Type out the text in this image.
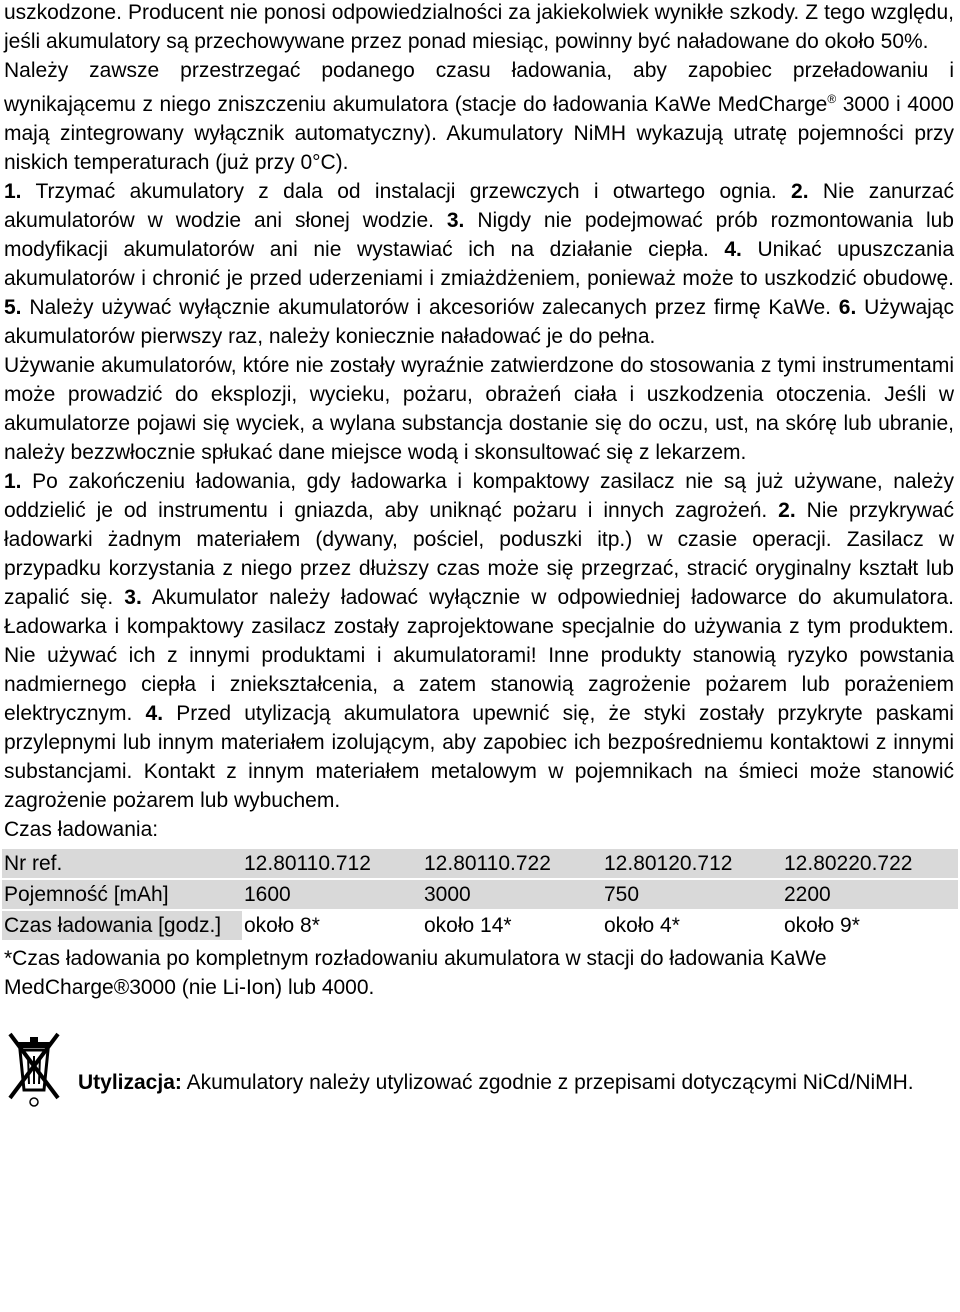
uszkodzone. Producent nie ponosi odpowiedzialności za jakiekolwiek wynikłe szkody. Z tego względu, jeśli akumulatory są przechowywane przez ponad miesiąc, powinny być naładowane do około 50%.

Należy zawsze przestrzegać podanego czasu ładowania, aby zapobiec przeładowaniu i wynikającemu z niego zniszczeniu akumulatora (stacje do ładowania KaWe MedCharge® 3000 i 4000 mają zintegrowany wyłącznik automatyczny). Akumulatory NiMH wykazują utratę pojemności przy niskich temperaturach (już przy 0°C).

1. Trzymać akumulatory z dala od instalacji grzewczych i otwartego ognia. 2. Nie zanurzać akumulatorów w wodzie ani słonej wodzie. 3. Nigdy nie podejmować prób rozmontowania lub modyfikacji akumulatorów ani nie wystawiać ich na działanie ciepła. 4. Unikać upuszczania akumulatorów i chronić je przed uderzeniami i zmiażdżeniem, ponieważ może to uszkodzić obudowę. 5. Należy używać wyłącznie akumulatorów i akcesoriów zalecanych przez firmę KaWe. 6. Używając akumulatorów pierwszy raz, należy koniecznie naładować je do pełna.

Używanie akumulatorów, które nie zostały wyraźnie zatwierdzone do stosowania z tymi instrumentami może prowadzić do eksplozji, wycieku, pożaru, obrażeń ciała i uszkodzenia otoczenia. Jeśli w akumulatorze pojawi się wyciek, a wylana substancja dostanie się do oczu, ust, na skórę lub ubranie, należy bezzwłocznie spłukać dane miejsce wodą i skonsultować się z lekarzem.

1. Po zakończeniu ładowania, gdy ładowarka i kompaktowy zasilacz nie są już używane, należy oddzielić je od instrumentu i gniazda, aby uniknąć pożaru i innych zagrożeń. 2. Nie przykrywać ładowarki żadnym materiałem (dywany, pościel, poduszki itp.) w czasie operacji. Zasilacz w przypadku korzystania z niego przez dłuższy czas może się przegrzać, stracić oryginalny kształt lub zapalić się. 3. Akumulator należy ładować wyłącznie w odpowiedniej ładowarce do akumulatora. Ładowarka i kompaktowy zasilacz zostały zaprojektowane specjalnie do używania z tym produktem. Nie używać ich z innymi produktami i akumulatorami! Inne produkty stanowią ryzyko powstania nadmiernego ciepła i zniekształcenia, a zatem stanowią zagrożenie pożarem lub porażeniem elektrycznym. 4. Przed utylizacją akumulatora upewnić się, że styki zostały przykryte paskami przylepnymi lub innym materiałem izolującym, aby zapobiec ich bezpośredniemu kontaktowi z innymi substancjami. Kontakt z innym materiałem metalowym w pojemnikach na śmieci może stanowić zagrożenie pożarem lub wybuchem.

Czas ładowania:

Nr ref.	12.80110.712	12.80110.722	12.80120.712	12.80220.722
Pojemność [mAh]	1600	3000	750	2200
Czas ładowania [godz.]	około 8*	około 14*	około 4*	około 9*

*Czas ładowania po kompletnym rozładowaniu akumulatora w stacji do ładowania KaWe MedCharge®3000 (nie Li-Ion) lub 4000.

Utylizacja: Akumulatory należy utylizować zgodnie z przepisami dotyczącymi NiCd/NiMH.
